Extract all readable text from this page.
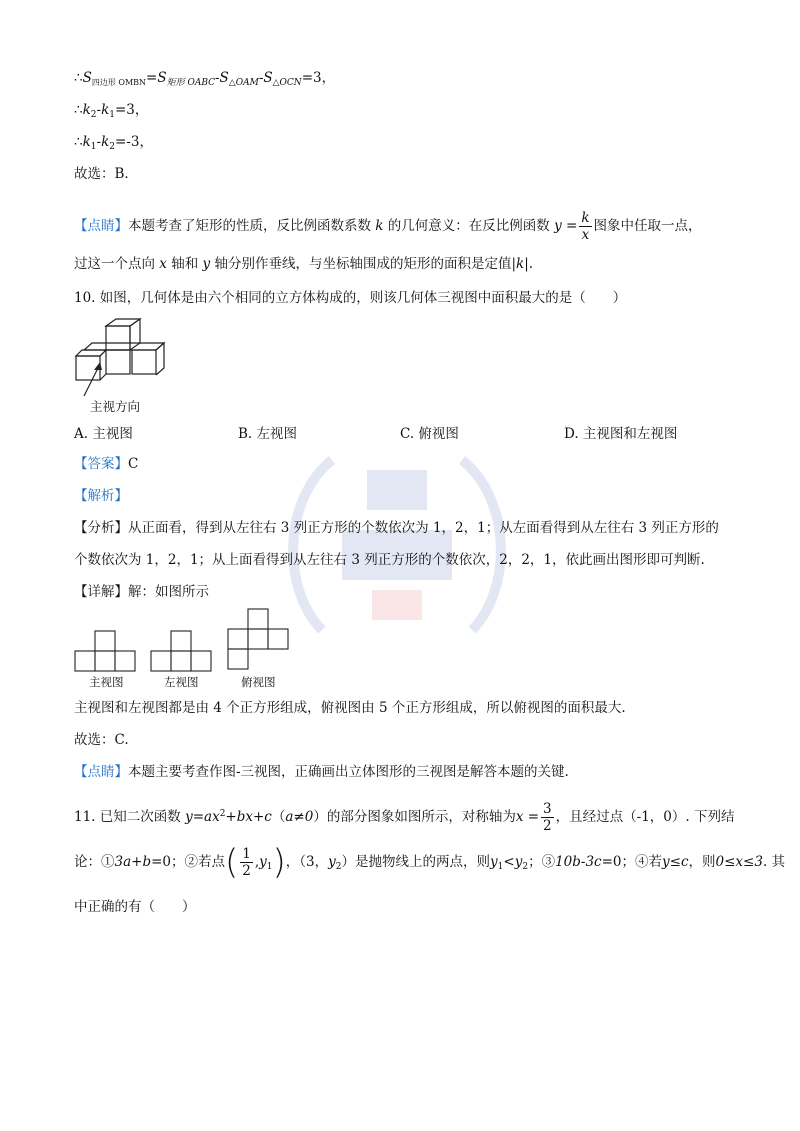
$\therefore S_{四边形 OMBN}=S_{矩形 OABC}-S_{\triangle OAM}-S_{\triangle OCN}=3$，
$\therefore k_2-k_1=3$，
$\therefore k_1-k_2=-3$，
故选：B．
【点睛】本题考查了矩形的性质，反比例函数系数 k 的几何意义：在反比例函数 $y = \frac{k}{x}$ 图象中任取一点，
过这一个点向 x 轴和 y 轴分别作垂线，与坐标轴围成的矩形的面积是定值|k|.
10. 如图，几何体是由六个相同的立方体构成的，则该几何体三视图中面积最大的是（　　）
主视方向
A. 主视图	B. 左视图	C. 俯视图	D. 主视图和左视图
【答案】C
【解析】
【分析】从正面看，得到从左往右 3 列正方形的个数依次为 1，2，1；从左面看得到从左往右 3 列正方形的
个数依次为 1，2，1；从上面看得到从左往右 3 列正方形的个数依次，2，2，1，依此画出图形即可判断.
【详解】解：如图所示
主视图	左视图	俯视图
主视图和左视图都是由 4 个正方形组成，俯视图由 5 个正方形组成，所以俯视图的面积最大.
故选：C.
【点睛】本题主要考查作图-三视图，正确画出立体图形的三视图是解答本题的关键.
11. 已知二次函数 $y=ax^2+bx+c(a\ne 0)$的部分图象如图所示，对称轴为$x = \frac{3}{2}$ ，且经过点（-1，0）. 下列结
论：①3a+b=0；②若点( $\frac{1}{2} ,y_1$)，（3，$y_2$）是抛物线上的两点，则$y_1<y_2$；③10b-3c=0；④若y≤c，则0≤x≤3. 其
中正确的有（　　）
